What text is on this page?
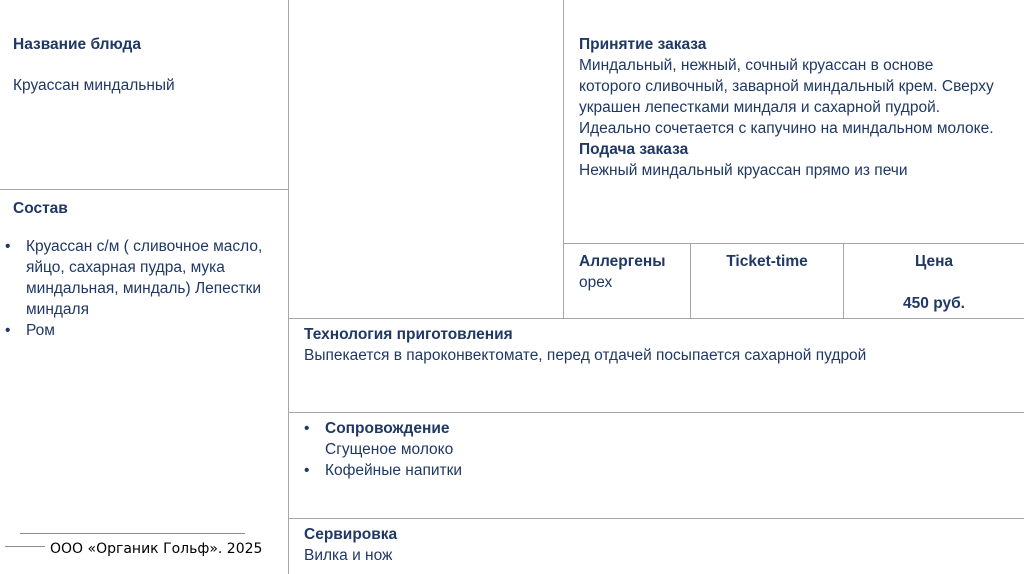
Название блюда
Круассан миндальный
Состав
• Круассан с/м ( сливочное масло, яйцо, сахарная пудра, мука миндальная, миндаль) Лепестки миндаля
• Ром
Принятие заказа
Миндальный, нежный, сочный круассан в основе которого сливочный, заварной миндальный крем. Сверху украшен лепестками миндаля и сахарной пудрой. Идеально сочетается с капучино на миндальном молоке.
Подача заказа
Нежный миндальный круассан прямо из печи
Аллергены
орех
Ticket-time	Цена
450 руб.
Технология приготовления
Выпекается в пароконвектомате, перед отдачей посыпается сахарной пудрой
• Сопровождение
Сгущеное молоко
• Кофейные напитки
Сервировка
Вилка и нож
ООО «Органик Гольф». 2025
